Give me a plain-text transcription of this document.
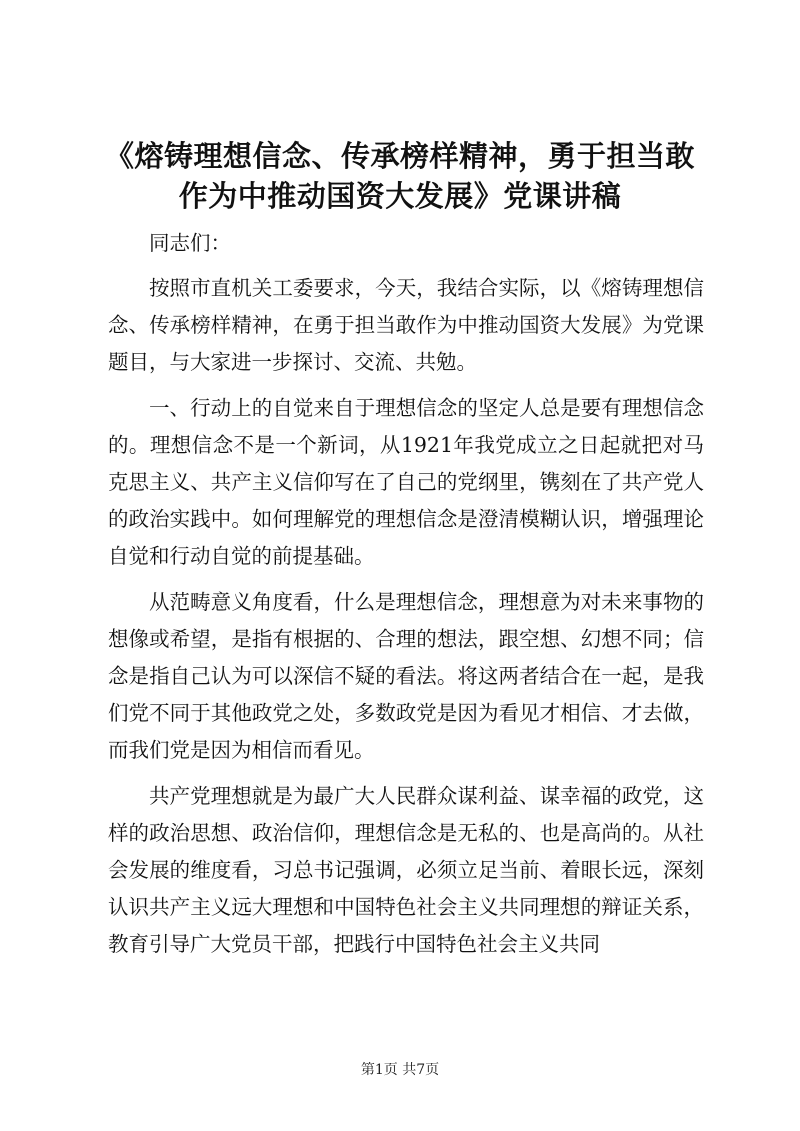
《熔铸理想信念、传承榜样精神，勇于担当敢
作为中推动国资大发展》党课讲稿

同志们：

按照市直机关工委要求，今天，我结合实际，以《熔铸理想信念、传承榜样精神，在勇于担当敢作为中推动国资大发展》为党课题目，与大家进一步探讨、交流、共勉。

一、行动上的自觉来自于理想信念的坚定人总是要有理想信念的。理想信念不是一个新词，从1921年我党成立之日起就把对马克思主义、共产主义信仰写在了自己的党纲里，镌刻在了共产党人的政治实践中。如何理解党的理想信念是澄清模糊认识，增强理论自觉和行动自觉的前提基础。

从范畴意义角度看，什么是理想信念，理想意为对未来事物的想像或希望，是指有根据的、合理的想法，跟空想、幻想不同；信念是指自己认为可以深信不疑的看法。将这两者结合在一起，是我们党不同于其他政党之处，多数政党是因为看见才相信、才去做，而我们党是因为相信而看见。

共产党理想就是为最广大人民群众谋利益、谋幸福的政党，这样的政治思想、政治信仰，理想信念是无私的、也是高尚的。从社会发展的维度看，习总书记强调，必须立足当前、着眼长远，深刻认识共产主义远大理想和中国特色社会主义共同理想的辩证关系，教育引导广大党员干部，把践行中国特色社会主义共同

第1页 共7页
